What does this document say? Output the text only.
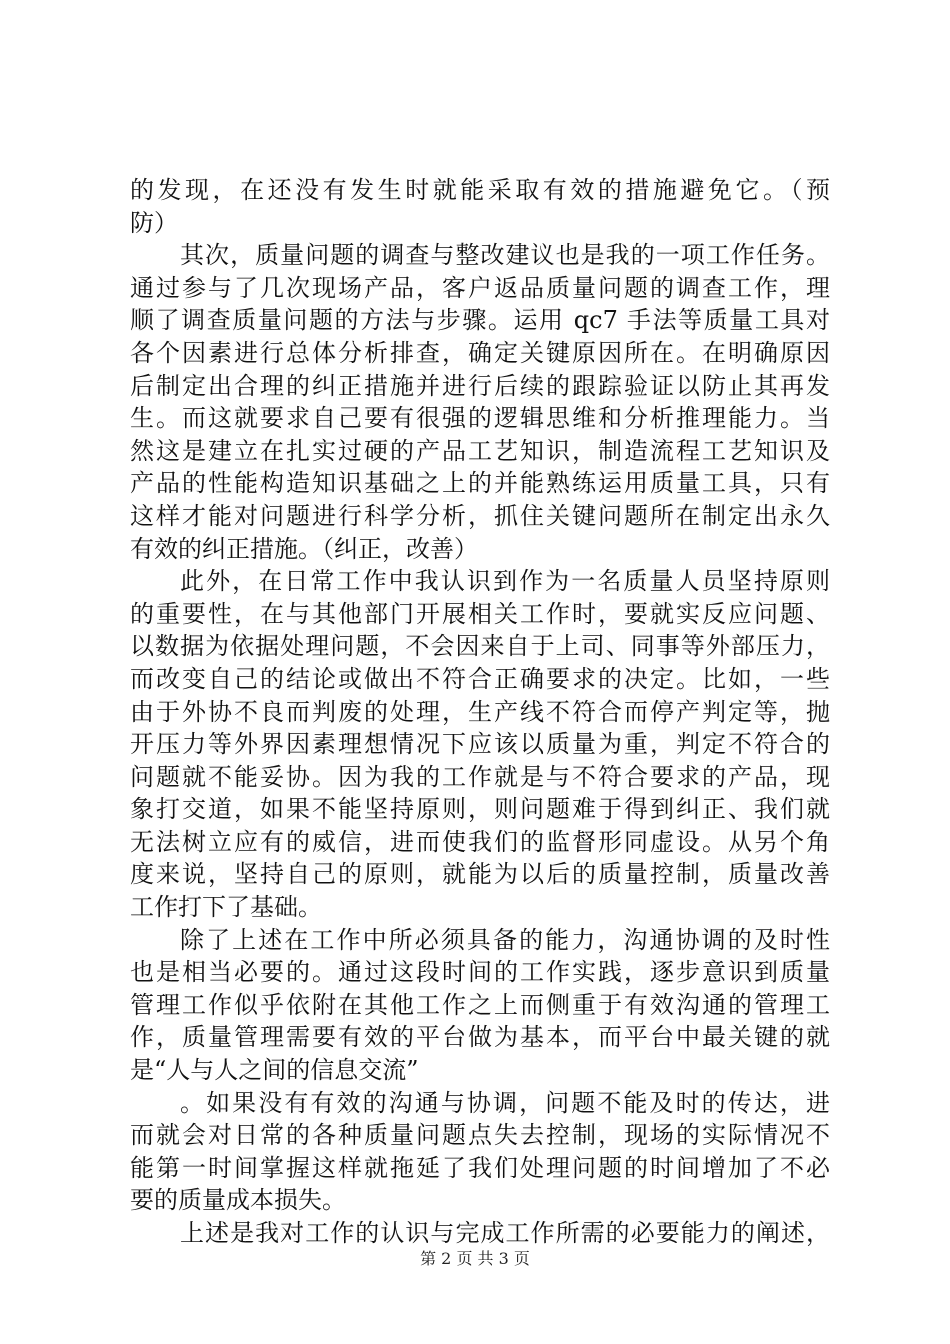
的发现，在还没有发生时就能采取有效的措施避免它。（预
防）
其次，质量问题的调查与整改建议也是我的一项工作任务。
通过参与了几次现场产品，客户返品质量问题的调查工作，理
顺了调查质量问题的方法与步骤。运用 qc7 手法等质量工具对
各个因素进行总体分析排查，确定关键原因所在。在明确原因
后制定出合理的纠正措施并进行后续的跟踪验证以防止其再发
生。而这就要求自己要有很强的逻辑思维和分析推理能力。当
然这是建立在扎实过硬的产品工艺知识，制造流程工艺知识及
产品的性能构造知识基础之上的并能熟练运用质量工具，只有
这样才能对问题进行科学分析，抓住关键问题所在制定出永久
有效的纠正措施。（纠正，改善）
此外，在日常工作中我认识到作为一名质量人员坚持原则
的重要性，在与其他部门开展相关工作时，要就实反应问题、
以数据为依据处理问题，不会因来自于上司、同事等外部压力，
而改变自己的结论或做出不符合正确要求的决定。比如，一些
由于外协不良而判废的处理，生产线不符合而停产判定等，抛
开压力等外界因素理想情况下应该以质量为重，判定不符合的
问题就不能妥协。因为我的工作就是与不符合要求的产品，现
象打交道，如果不能坚持原则，则问题难于得到纠正、我们就
无法树立应有的威信，进而使我们的监督形同虚设。从另个角
度来说，坚持自己的原则，就能为以后的质量控制，质量改善
工作打下了基础。
除了上述在工作中所必须具备的能力，沟通协调的及时性
也是相当必要的。通过这段时间的工作实践，逐步意识到质量
管理工作似乎依附在其他工作之上而侧重于有效沟通的管理工
作，质量管理需要有效的平台做为基本，而平台中最关键的就
是“人与人之间的信息交流”
。如果没有有效的沟通与协调，问题不能及时的传达，进
而就会对日常的各种质量问题点失去控制，现场的实际情况不
能第一时间掌握这样就拖延了我们处理问题的时间增加了不必
要的质量成本损失。
上述是我对工作的认识与完成工作所需的必要能力的阐述，
第 2 页 共 3 页
